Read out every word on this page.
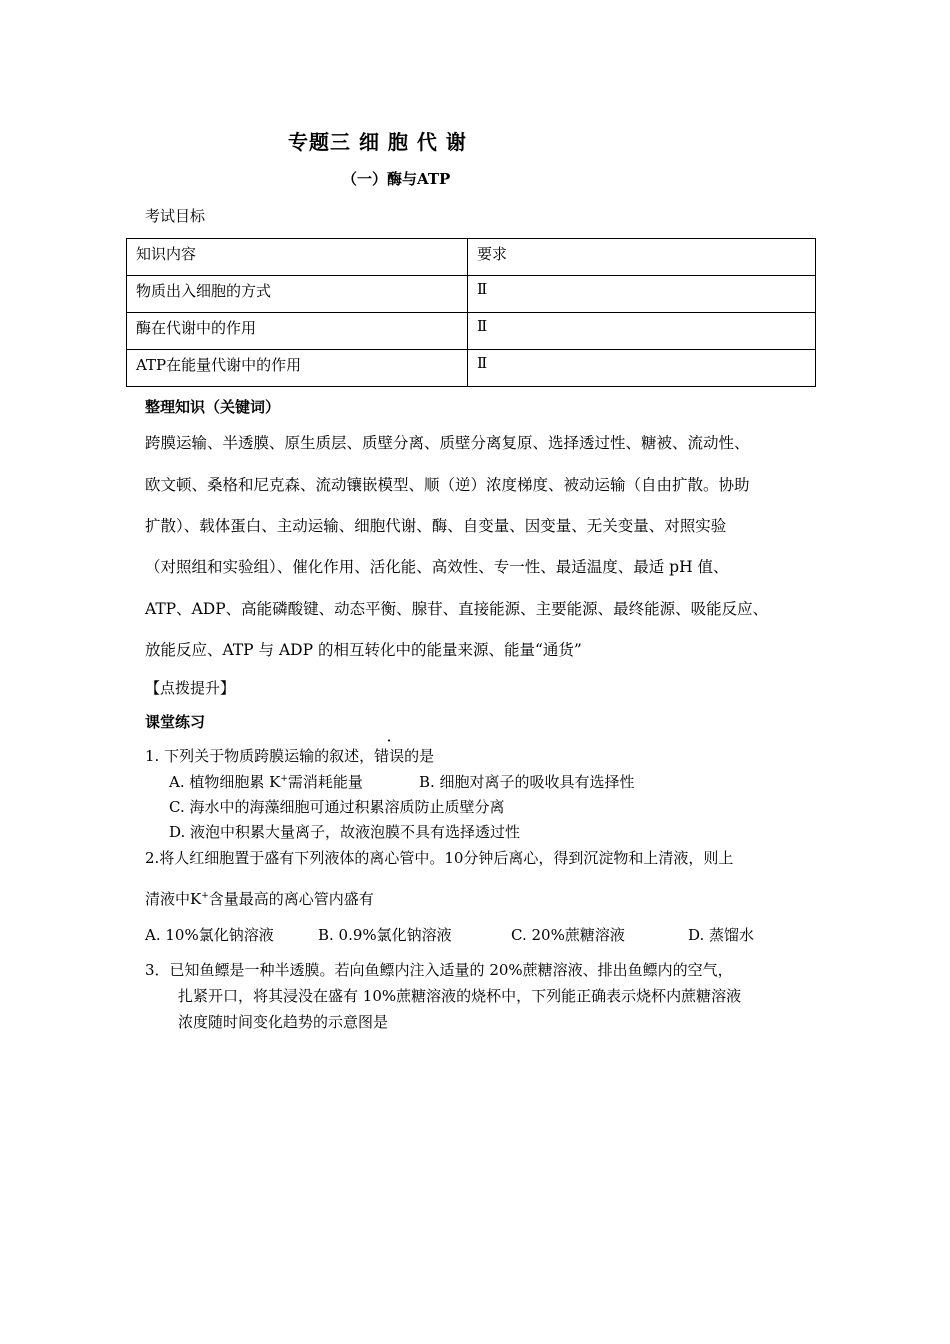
专题三 细 胞 代 谢
（一）酶与ATP
考试目标
知识内容	要求
物质出入细胞的方式	Ⅱ
酶在代谢中的作用	Ⅱ
ATP在能量代谢中的作用	Ⅱ
整理知识（关键词）
跨膜运输、半透膜、原生质层、质壁分离、质壁分离复原、选择透过性、糖被、流动性、
欧文顿、桑格和尼克森、流动镶嵌模型、顺（逆）浓度梯度、被动运输（自由扩散。协助
扩散）、载体蛋白、主动运输、细胞代谢、酶、自变量、因变量、无关变量、对照实验
（对照组和实验组）、催化作用、活化能、高效性、专一性、最适温度、最适 pH 值、
ATP、ADP、高能磷酸键、动态平衡、腺苷、直接能源、主要能源、最终能源、吸能反应、
放能反应、ATP 与 ADP 的相互转化中的能量来源、能量“通货”
【点拨提升】
课堂练习
1. 下列关于物质跨膜运输的叙述，错误的是
A. 植物细胞累 K+需消耗能量	B. 细胞对离子的吸收具有选择性
C. 海水中的海藻细胞可通过积累溶质防止质壁分离
D. 液泡中积累大量离子，故液泡膜不具有选择透过性
2.将人红细胞置于盛有下列液体的离心管中。10分钟后离心，得到沉淀物和上清液，则上
清液中K+含量最高的离心管内盛有
A. 10%氯化钠溶液	B. 0.9%氯化钠溶液	C. 20%蔗糖溶液	D. 蒸馏水
3．已知鱼鳔是一种半透膜。若向鱼鳔内注入适量的 20%蔗糖溶液、排出鱼鳔内的空气，
扎紧开口，将其浸没在盛有 10%蔗糖溶液的烧杯中，下列能正确表示烧杯内蔗糖溶液
浓度随时间变化趋势的示意图是
